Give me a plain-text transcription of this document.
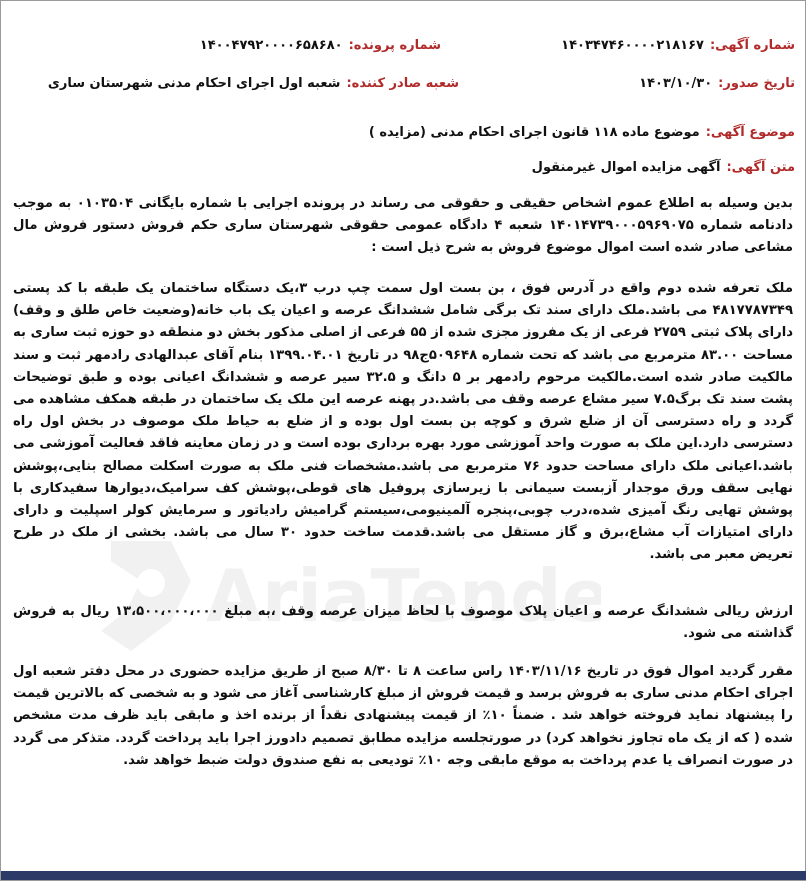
AriaTende
شماره آگهی:۱۴۰۳۴۷۴۶۰۰۰۰۲۱۸۱۶۷
شماره پرونده:۱۴۰۰۴۷۹۲۰۰۰۰۶۵۸۶۸۰
تاریخ صدور:۱۴۰۳/۱۰/۳۰
شعبه صادر کننده:شعبه اول اجرای احکام مدنی شهرستان ساری
موضوع آگهی:موضوع ماده ۱۱۸ قانون اجرای احکام مدنی (مزایده )
متن آگهی:آگهی مزایده اموال غیرمنقول

بدین وسیله به اطلاع عموم اشخاص حقیقی و حقوقی می رساند در پرونده اجرایی با شماره بایگانی ۰۱۰۳۵۰۴ به موجب دادنامه شماره ۱۴۰۱۴۷۳۹۰۰۰۵۹۶۹۰۷۵ شعبه ۴ دادگاه عمومی حقوقی شهرستان ساری حکم فروش دستور فروش مال مشاعی صادر شده است اموال موضوع فروش به شرح ذیل است :

ملک تعرفه شده دوم واقع در آدرس فوق ، بن بست اول سمت چپ درب ۳،یک دستگاه ساختمان یک طبقه با کد پستی ۴۸۱۷۷۸۷۳۴۹ می باشد.ملک دارای سند تک برگی شامل ششدانگ عرصه و اعیان یک باب خانه(وضعیت خاص طلق و وقف) دارای پلاک ثبتی ۲۷۵۹ فرعی از یک مفروز مجزی شده از ۵۵ فرعی از اصلی مذکور بخش دو منطقه دو حوزه ثبت ساری به مساحت ۸۳.۰۰ مترمربع می باشد که تحت شماره ۵۰۹۶۴۸ج۹۸ در تاریخ ۱۳۹۹.۰۴.۰۱ بنام آقای عبدالهادی رادمهر ثبت و سند مالکیت صادر شده است.مالکیت مرحوم رادمهر بر ۵ دانگ و ۳۲.۵ سیر عرصه و ششدانگ اعیانی بوده و طبق توضیحات پشت سند تک برگ۷.۵ سیر مشاع عرصه وقف می باشد.در پهنه عرصه این ملک یک ساختمان در طبقه همکف مشاهده می گردد و راه دسترسی آن از ضلع شرق و کوچه بن بست اول بوده و از ضلع به حیاط ملک موصوف در بخش اول راه دسترسی دارد.این ملک به صورت واحد آموزشی مورد بهره برداری بوده است و در زمان معاینه فاقد فعالیت آموزشی می باشد.اعیانی ملک دارای مساحت حدود ۷۶ مترمربع می باشد.مشخصات فنی ملک به صورت اسکلت مصالح بنایی،پوشش نهایی سقف ورق موجدار آزبست سیمانی با زیرسازی پروفیل های قوطی،پوشش کف سرامیک،دیوارها سفیدکاری با پوشش تهایی رنگ آمیزی شده،درب چوبی،پنجره آلمینیومی،سیستم گرامیش رادیاتور و سرمایش کولر اسپلیت و دارای دارای امتیازات آب مشاع،برق و گاز مستقل می باشد.قدمت ساخت حدود ۳۰ سال می باشد. بخشی از ملک در طرح تعریض معبر می باشد.

ارزش ریالی ششدانگ عرصه و اعیان پلاک موصوف با لحاظ میزان عرصه وقف ،به مبلغ ۱۳،۵۰۰،۰۰۰،۰۰۰ ریال به فروش گذاشته می شود.

مقرر گردید اموال فوق در تاریخ ۱۴۰۳/۱۱/۱۶ راس ساعت ۸ تا ۸/۳۰ صبح از طریق مزایده حضوری در محل دفتر شعبه اول اجرای احکام مدنی ساری به فروش برسد و قیمت فروش از مبلغ کارشناسی آغاز می شود و به شخصی که بالاترین قیمت را پیشنهاد نماید فروخته خواهد شد . ضمناً ۱۰٪ از قیمت پیشنهادی نقداً از برنده اخذ و مابقی باید ظرف مدت مشخص شده ( که از یک ماه تجاوز نخواهد کرد) در صورتجلسه مزایده مطابق تصمیم دادورز اجرا باید پرداخت گردد. متذکر می گردد در صورت انصراف یا عدم پرداخت به موقع مابقی وجه ۱۰٪ تودیعی به نفع صندوق دولت ضبط خواهد شد.
